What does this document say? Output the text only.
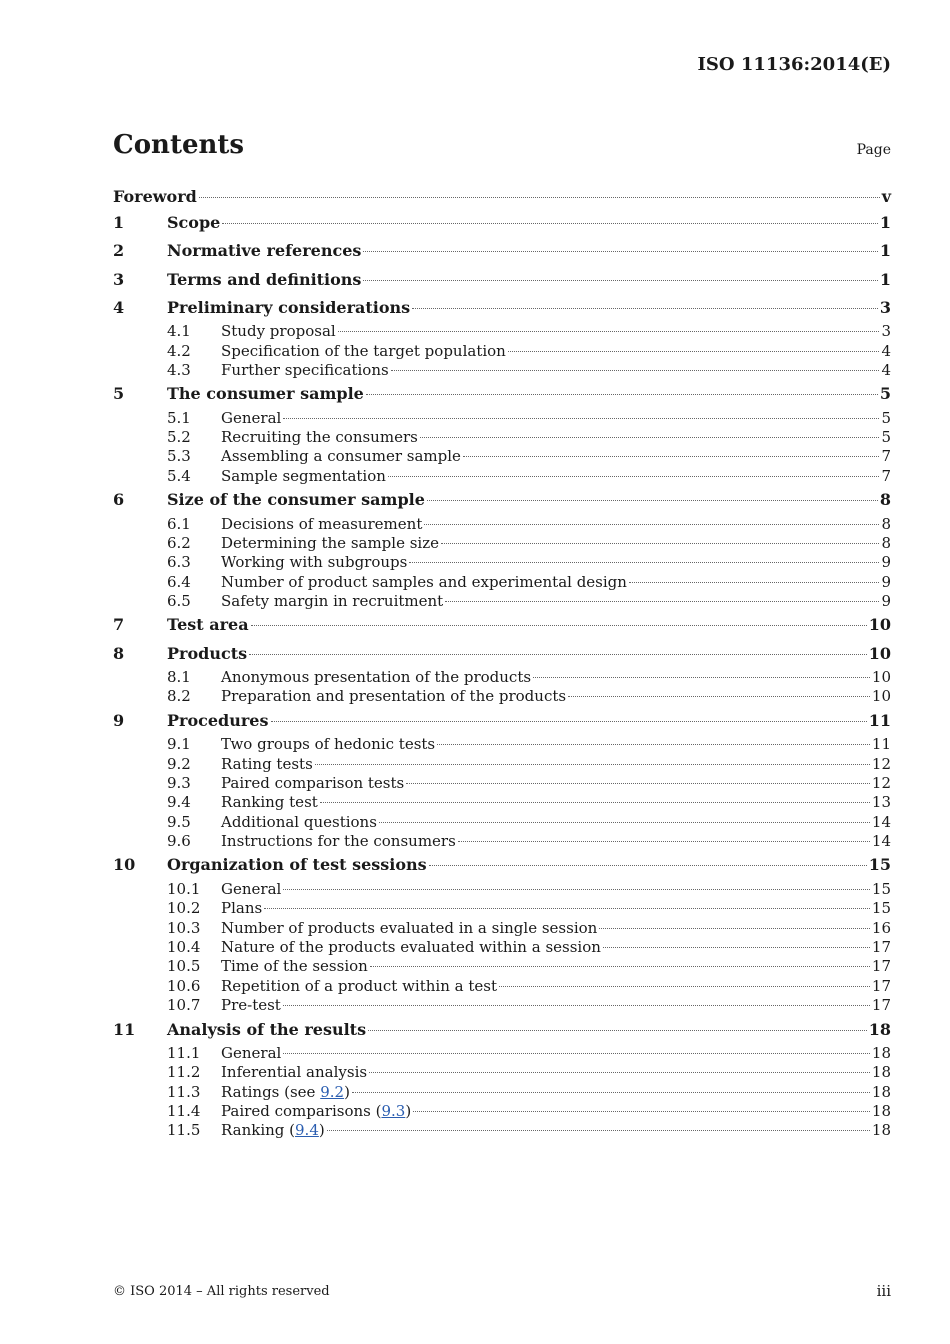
ISO 11136:2014(E)
Contents	Page
Foreword	v
1	Scope	1
2	Normative references	1
3	Terms and definitions	1
4	Preliminary considerations	3
4.1	Study proposal	3
4.2	Specification of the target population	4
4.3	Further specifications	4
5	The consumer sample	5
5.1	General	5
5.2	Recruiting the consumers	5
5.3	Assembling a consumer sample	7
5.4	Sample segmentation	7
6	Size of the consumer sample	8
6.1	Decisions of measurement	8
6.2	Determining the sample size	8
6.3	Working with subgroups	9
6.4	Number of product samples and experimental design	9
6.5	Safety margin in recruitment	9
7	Test area	10
8	Products	10
8.1	Anonymous presentation of the products	10
8.2	Preparation and presentation of the products	10
9	Procedures	11
9.1	Two groups of hedonic tests	11
9.2	Rating tests	12
9.3	Paired comparison tests	12
9.4	Ranking test	13
9.5	Additional questions	14
9.6	Instructions for the consumers	14
10	Organization of test sessions	15
10.1	General	15
10.2	Plans	15
10.3	Number of products evaluated in a single session	16
10.4	Nature of the products evaluated within a session	17
10.5	Time of the session	17
10.6	Repetition of a product within a test	17
10.7	Pre-test	17
11	Analysis of the results	18
11.1	General	18
11.2	Inferential analysis	18
11.3	Ratings (see 9.2)	18
11.4	Paired comparisons (9.3)	18
11.5	Ranking (9.4)	18
© ISO 2014 – All rights reserved	iii
